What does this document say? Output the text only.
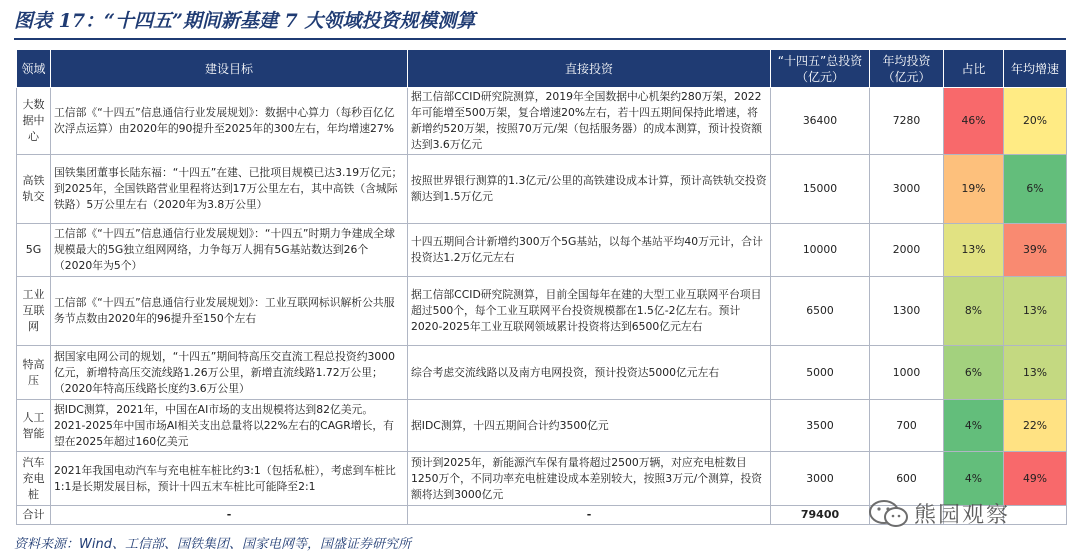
图表 17：“十四五”期间新基建 7 大领域投资规模测算
领域	建设目标	直接投资	“十四五”总投资（亿元）	年均投资（亿元）	占比	年均增速
大数据中心	工信部《“十四五”信息通信行业发展规划》：数据中心算力（每秒百亿亿次浮点运算）由2020年的90提升至2025年的300左右，年均增速27%	据工信部CCID研究院测算，2019年全国数据中心机架约280万架，2022年可能增至500万架，复合增速20%左右，若十四五期间保持此增速，将新增约520万架，按照70万元/架（包括服务器）的成本测算，预计投资额达到3.6万亿元	36400	7280	46%	20%
高铁轨交	国铁集团董事长陆东福：“十四五”在建、已批项目规模已达3.19万亿元；到2025年，全国铁路营业里程将达到17万公里左右，其中高铁（含城际铁路）5万公里左右（2020年为3.8万公里）	按照世界银行测算的1.3亿元/公里的高铁建设成本计算，预计高铁轨交投资额达到1.5万亿元	15000	3000	19%	6%
5G	工信部《“十四五”信息通信行业发展规划》：“十四五”时期力争建成全球规模最大的5G独立组网网络，力争每万人拥有5G基站数达到26个（2020年为5个）	十四五期间合计新增约300万个5G基站，以每个基站平均40万元计，合计投资达1.2万亿元左右	10000	2000	13%	39%
工业互联网	工信部《“十四五”信息通信行业发展规划》：工业互联网标识解析公共服务节点数由2020年的96提升至150个左右	据工信部CCID研究院测算，目前全国每年在建的大型工业互联网平台项目超过500个，每个工业互联网平台投资规模都在1.5亿-2亿左右。预计2020-2025年工业互联网领域累计投资将达到6500亿元左右	6500	1300	8%	13%
特高压	据国家电网公司的规划，“十四五”期间特高压交直流工程总投资约3000亿元，新增特高压交流线路1.26万公里，新增直流线路1.72万公里；（2020年特高压线路长度约3.6万公里）	综合考虑交流线路以及南方电网投资，预计投资达5000亿元左右	5000	1000	6%	13%
人工智能	据IDC测算，2021年，中国在AI市场的支出规模将达到82亿美元。2021-2025年中国市场AI相关支出总量将以22%左右的CAGR增长，有望在2025年超过160亿美元	据IDC测算，十四五期间合计约3500亿元	3500	700	4%	22%
汽车充电桩	2021年我国电动汽车与充电桩车桩比约3:1（包括私桩），考虑到车桩比1:1是长期发展目标，预计十四五末车桩比可能降至2:1	预计到2025年，新能源汽车保有量将超过2500万辆，对应充电桩数目1250万个，不同功率充电桩建设成本差别较大，按照3万元/个测算，投资额将达到3000亿元	3000	600	4%	49%
合计	-	-	79400			
资料来源：Wind、工信部、国铁集团、国家电网等，国盛证券研究所
熊园观察
